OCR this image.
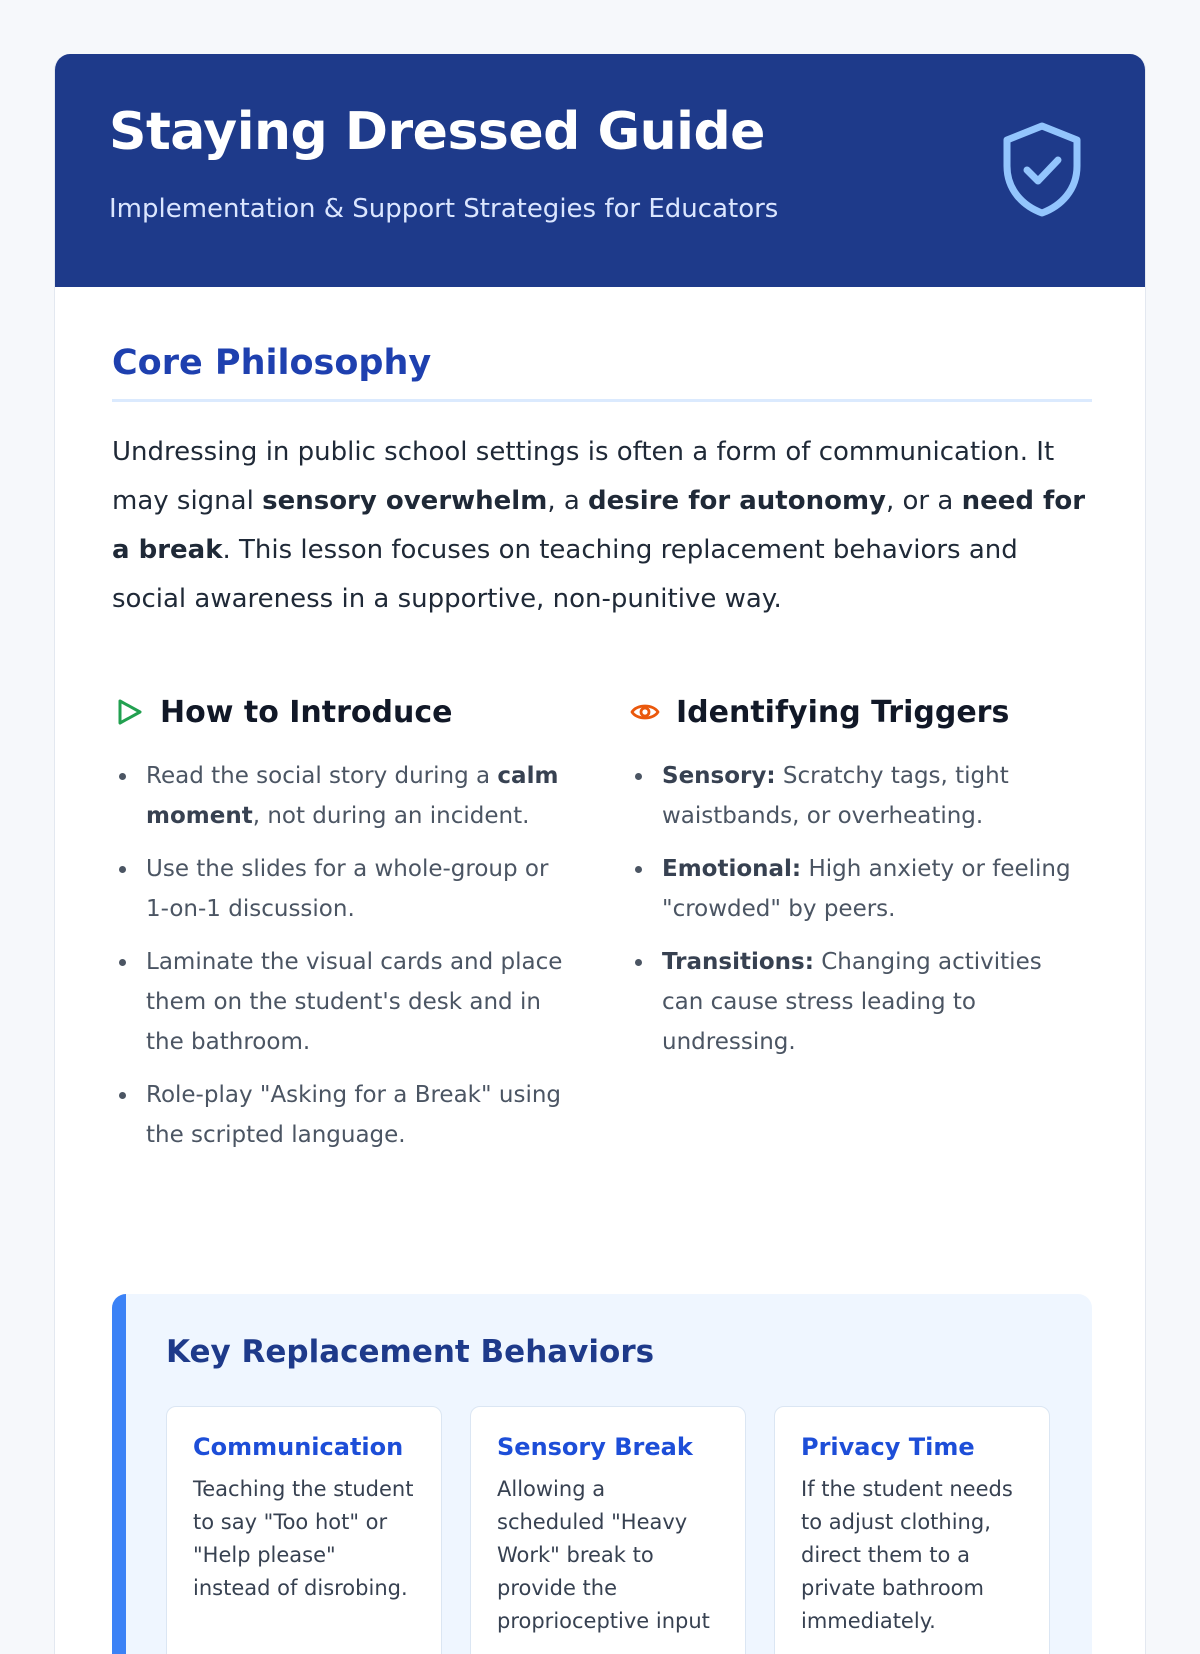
Staying Dressed Guide
Implementation & Support Strategies for Educators
Core Philosophy

Undressing in public school settings is often a form of communication. It may signal sensory overwhelm, a desire for autonomy, or a need for a break. This lesson focuses on teaching replacement behaviors and social awareness in a supportive, non-punitive way.

How to Introduce
Read the social story during a calm moment, not during an incident.
Use the slides for a whole-group or 1-on-1 discussion.
Laminate the visual cards and place them on the student's desk and in the bathroom.
Role-play "Asking for a Break" using the scripted language.
Identifying Triggers
Sensory: Scratchy tags, tight waistbands, or overheating.
Emotional: High anxiety or feeling "crowded" by peers.
Transitions: Changing activities can cause stress leading to undressing.
Key Replacement Behaviors
Communication
Teaching the student to say "Too hot" or "Help please" instead of disrobing.
Sensory Break
Allowing a scheduled "Heavy Work" break to provide the proprioceptive input
Privacy Time
If the student needs to adjust clothing, direct them to a private bathroom immediately.
